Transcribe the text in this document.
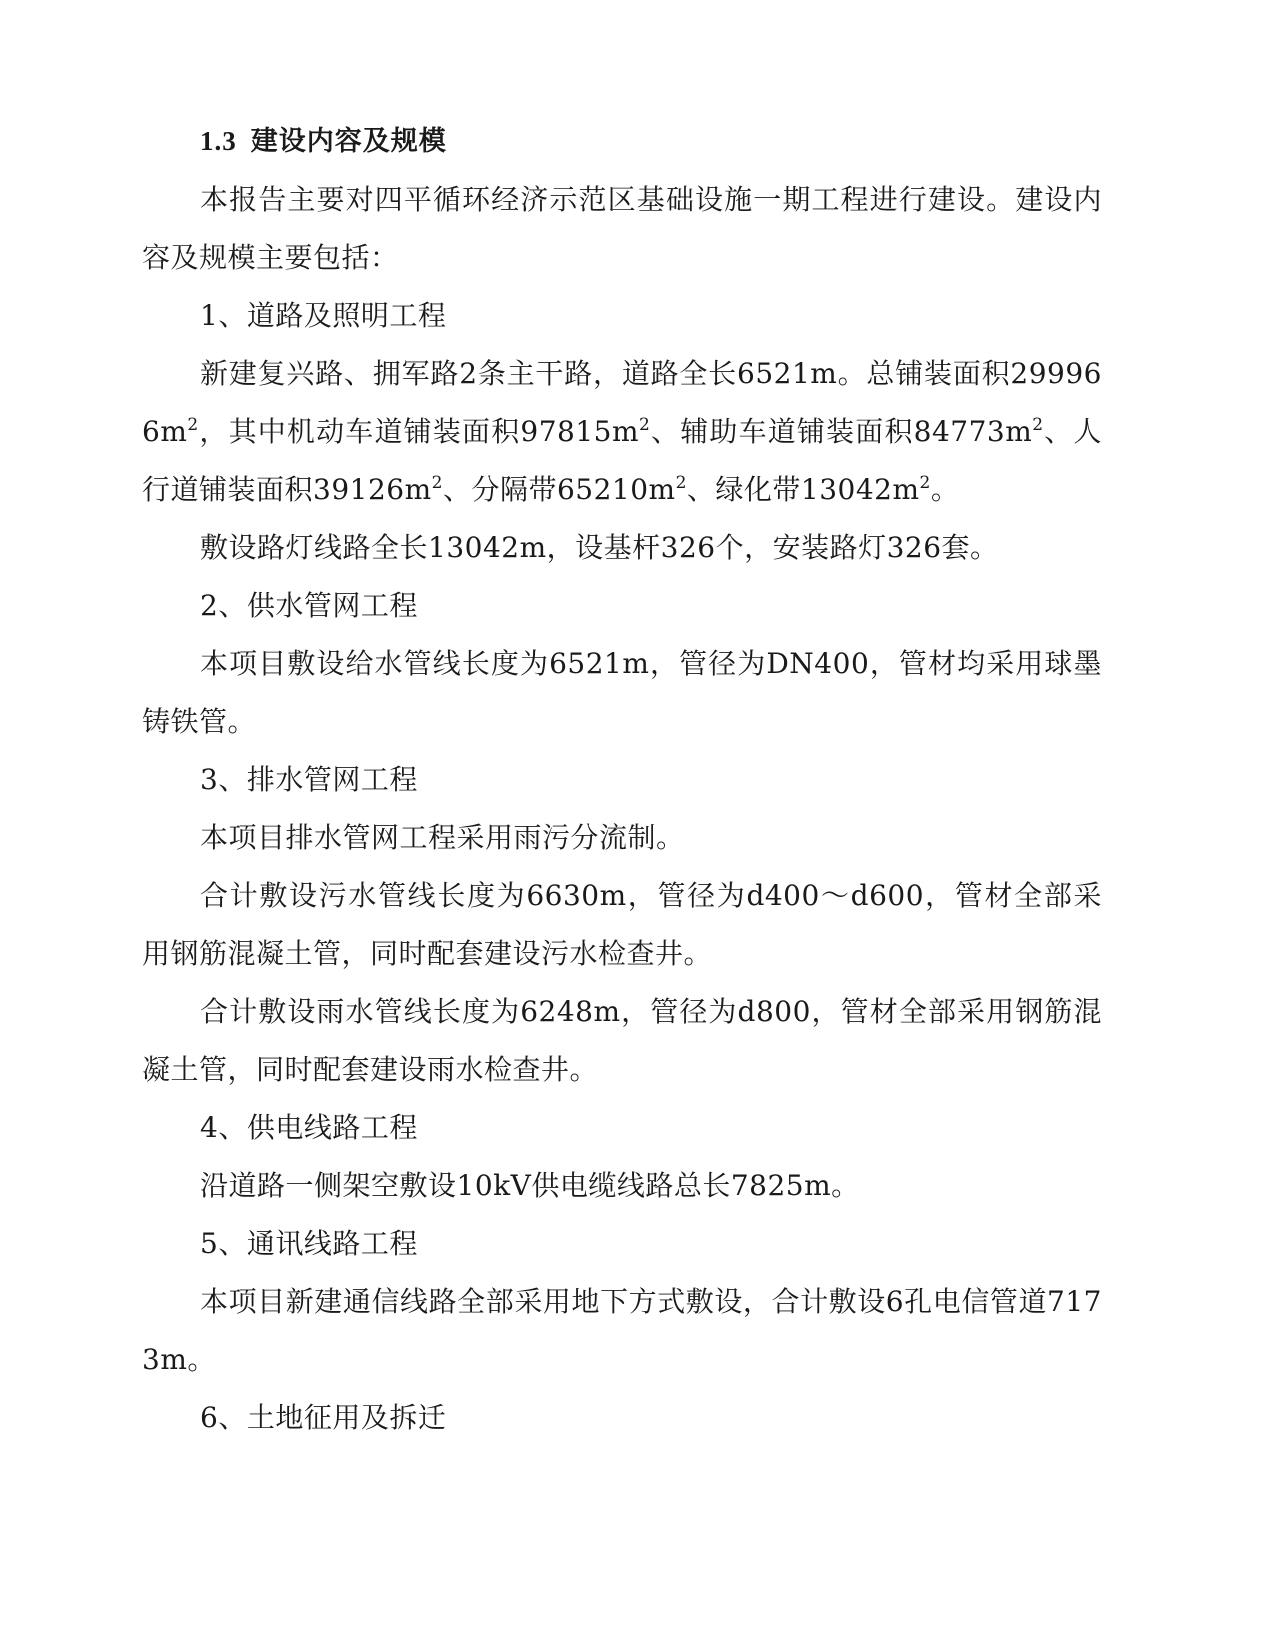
1.3 建设内容及规模

本报告主要对四平循环经济示范区基础设施一期工程进行建设。建设内容及规模主要包括：

1、道路及照明工程

新建复兴路、拥军路2条主干路，道路全长6521m。总铺装面积$299966m^2$，其中机动车道铺装面积$97815m^2$、辅助车道铺装面积$84773m^2$、人行道铺装面积$39126m^2$、分隔带$65210m^2$、绿化带$13042m^2$。

敷设路灯线路全长13042m，设基杆326个，安装路灯326套。

2、供水管网工程

本项目敷设给水管线长度为6521m，管径为DN400，管材均采用球墨铸铁管。

3、排水管网工程

本项目排水管网工程采用雨污分流制。

合计敷设污水管线长度为6630m，管径为d400～d600，管材全部采用钢筋混凝土管，同时配套建设污水检查井。

合计敷设雨水管线长度为6248m，管径为d800，管材全部采用钢筋混凝土管，同时配套建设雨水检查井。

4、供电线路工程

沿道路一侧架空敷设10kV供电缆线路总长7825m。

5、通讯线路工程

本项目新建通信线路全部采用地下方式敷设，合计敷设6孔电信管道7173m。

6、土地征用及拆迁
